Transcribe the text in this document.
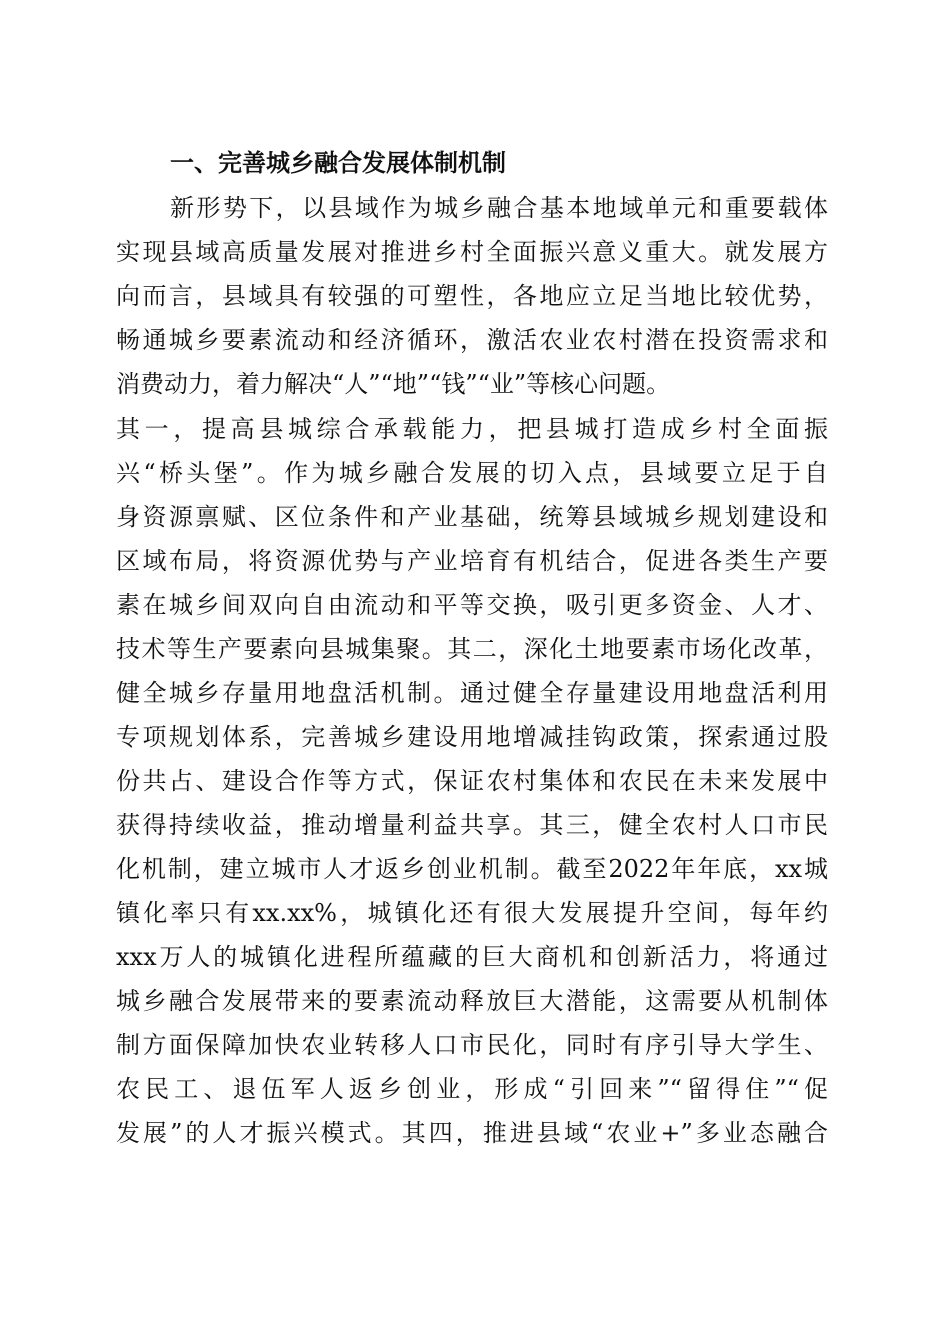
一、完善城乡融合发展体制机制
新形势下，以县域作为城乡融合基本地域单元和重要载体
实现县域高质量发展对推进乡村全面振兴意义重大。就发展方
向而言，县域具有较强的可塑性，各地应立足当地比较优势，
畅通城乡要素流动和经济循环，激活农业农村潜在投资需求和
消费动力，着力解决“人”“地”“钱”“业”等核心问题。
其一，提高县城综合承载能力，把县城打造成乡村全面振
兴“桥头堡”。作为城乡融合发展的切入点，县域要立足于自
身资源禀赋、区位条件和产业基础，统筹县域城乡规划建设和
区域布局，将资源优势与产业培育有机结合，促进各类生产要
素在城乡间双向自由流动和平等交换，吸引更多资金、人才、
技术等生产要素向县城集聚。其二，深化土地要素市场化改革，
健全城乡存量用地盘活机制。通过健全存量建设用地盘活利用
专项规划体系，完善城乡建设用地增减挂钩政策，探索通过股
份共占、建设合作等方式，保证农村集体和农民在未来发展中
获得持续收益，推动增量利益共享。其三，健全农村人口市民
化机制，建立城市人才返乡创业机制。截至2022年年底，xx城
镇化率只有xx.xx%，城镇化还有很大发展提升空间，每年约
xxx万人的城镇化进程所蕴藏的巨大商机和创新活力，将通过
城乡融合发展带来的要素流动释放巨大潜能，这需要从机制体
制方面保障加快农业转移人口市民化，同时有序引导大学生、
农民工、退伍军人返乡创业，形成“引回来”“留得住”“促
发展”的人才振兴模式。其四，推进县域“农业+”多业态融合
